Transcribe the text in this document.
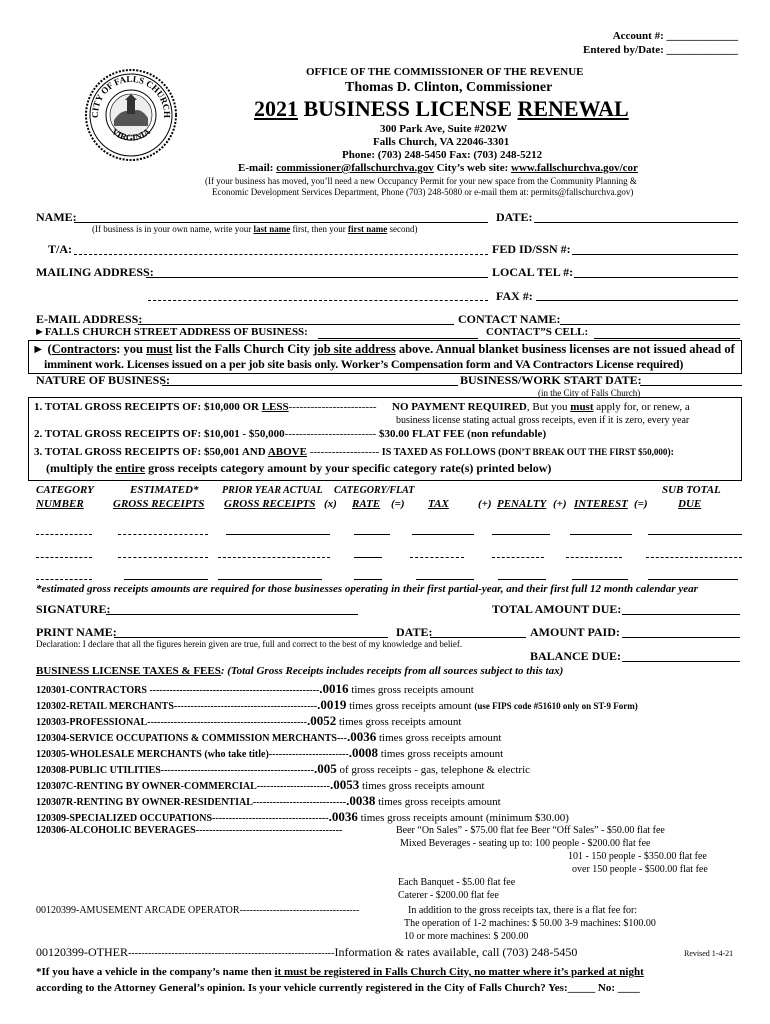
Account #: _____________
Entered by/Date: _____________
CITY OF FALLS CHURCH
VIRGINIA
OFFICE OF THE COMMISSIONER OF THE REVENUE
Thomas D. Clinton, Commissioner
2021 BUSINESS LICENSE RENEWAL
300 Park Ave, Suite #202W
Falls Church, VA 22046-3301
Phone: (703) 248-5450 Fax: (703) 248-5212
E-mail: commissioner@fallschurchva.gov City’s web site: www.fallschurchva.gov/cor
(If your business has moved, you’ll need a new Occupancy Permit for your new space from the Community Planning &
Economic Development Services Department, Phone (703) 248-5080 or e-mail them at: permits@fallschurchva.gov)
NAME:	DATE:
(If business is in your own name, write your last name first, then your first name second)
T/A:	FED ID/SSN #:
MAILING ADDRESS:	LOCAL TEL #:
FAX #:
E-MAIL ADDRESS:	CONTACT NAME:
►FALLS CHURCH STREET ADDRESS OF BUSINESS:	CONTACT”S CELL:
► (Contractors: you must list the Falls Church City job site address above. Annual blanket business licenses are not issued ahead of
imminent work. Licenses issued on a per job site basis only. Worker’s Compensation form and VA Contractors License required)
NATURE OF BUSINESS:	BUSINESS/WORK START DATE:
(in the City of Falls Church)
1. TOTAL GROSS RECEIPTS OF: $10,000 OR LESS------------------------ NO PAYMENT REQUIRED, But you must apply for, or renew, a
business license stating actual gross receipts, even if it is zero, every year
2. TOTAL GROSS RECEIPTS OF: $10,001 - $50,000------------------------- $30.00 FLAT FEE (non refundable)
3. TOTAL GROSS RECEIPTS OF: $50,001 AND ABOVE ------------------- IS TAXED AS FOLLOWS (DON’T BREAK OUT THE FIRST $50,000):
(multiply the entire gross receipts category amount by your specific category rate(s) printed below)
CATEGORY	ESTIMATED* PRIOR YEAR ACTUAL CATEGORY/FLAT	SUB TOTAL
NUMBER	GROSS RECEIPTS GROSS RECEIPTS (x) RATE (=) TAX	(+) PENALTY (+) INTEREST (=)	DUE
*estimated gross receipts amounts are required for those businesses operating in their first partial-year, and their first full 12 month calendar year
SIGNATURE:	TOTAL AMOUNT DUE:
PRINT NAME:	DATE:	AMOUNT PAID:
Declaration: I declare that all the figures herein given are true, full and correct to the best of my knowledge and belief.
BALANCE DUE:
BUSINESS LICENSE TAXES & FEES: (Total Gross Receipts includes receipts from all sources subject to this tax)
120301-CONTRACTORS ---------------------------------------------------.0016 times gross receipts amount
120302-RETAIL MERCHANTS-------------------------------------------.0019 times gross receipts amount (use FIPS code #51610 only on ST-9 Form)
120303-PROFESSIONAL------------------------------------------------.0052 times gross receipts amount
120304-SERVICE OCCUPATIONS & COMMISSION MERCHANTS---.0036 times gross receipts amount
120305-WHOLESALE MERCHANTS (who take title)------------------------.0008 times gross receipts amount
120308-PUBLIC UTILITIES----------------------------------------------.005 of gross receipts - gas, telephone & electric
120307C-RENTING BY OWNER-COMMERCIAL----------------------.0053 times gross receipts amount
120307R-RENTING BY OWNER-RESIDENTIAL----------------------------.0038 times gross receipts amount
120309-SPECIALIZED OCCUPATIONS-----------------------------------.0036 times gross receipts amount (minimum $30.00)
120306-ALCOHOLIC BEVERAGES--------------------------------------------	Beer “On Sales” - $75.00 flat fee Beer “Off Sales” - $50.00 flat fee
Mixed Beverages - seating up to: 100 people - $200.00 flat fee
101 - 150 people - $350.00 flat fee
over 150 people - $500.00 flat fee
Each Banquet - $5.00 flat fee
Caterer - $200.00 flat fee
00120399-AMUSEMENT ARCADE OPERATOR------------------------------------	In addition to the gross receipts tax, there is a flat fee for:
The operation of 1-2 machines: $ 50.00 3-9 machines: $100.00
10 or more machines: $ 200.00
00120399-OTHER--------------------------------------------------------------Information & rates available, call (703) 248-5450	Revised 1-4-21
*If you have a vehicle in the company’s name then it must be registered in Falls Church City, no matter where it’s parked at night
according to the Attorney General’s opinion. Is your vehicle currently registered in the City of Falls Church? Yes:_____ No: ____
